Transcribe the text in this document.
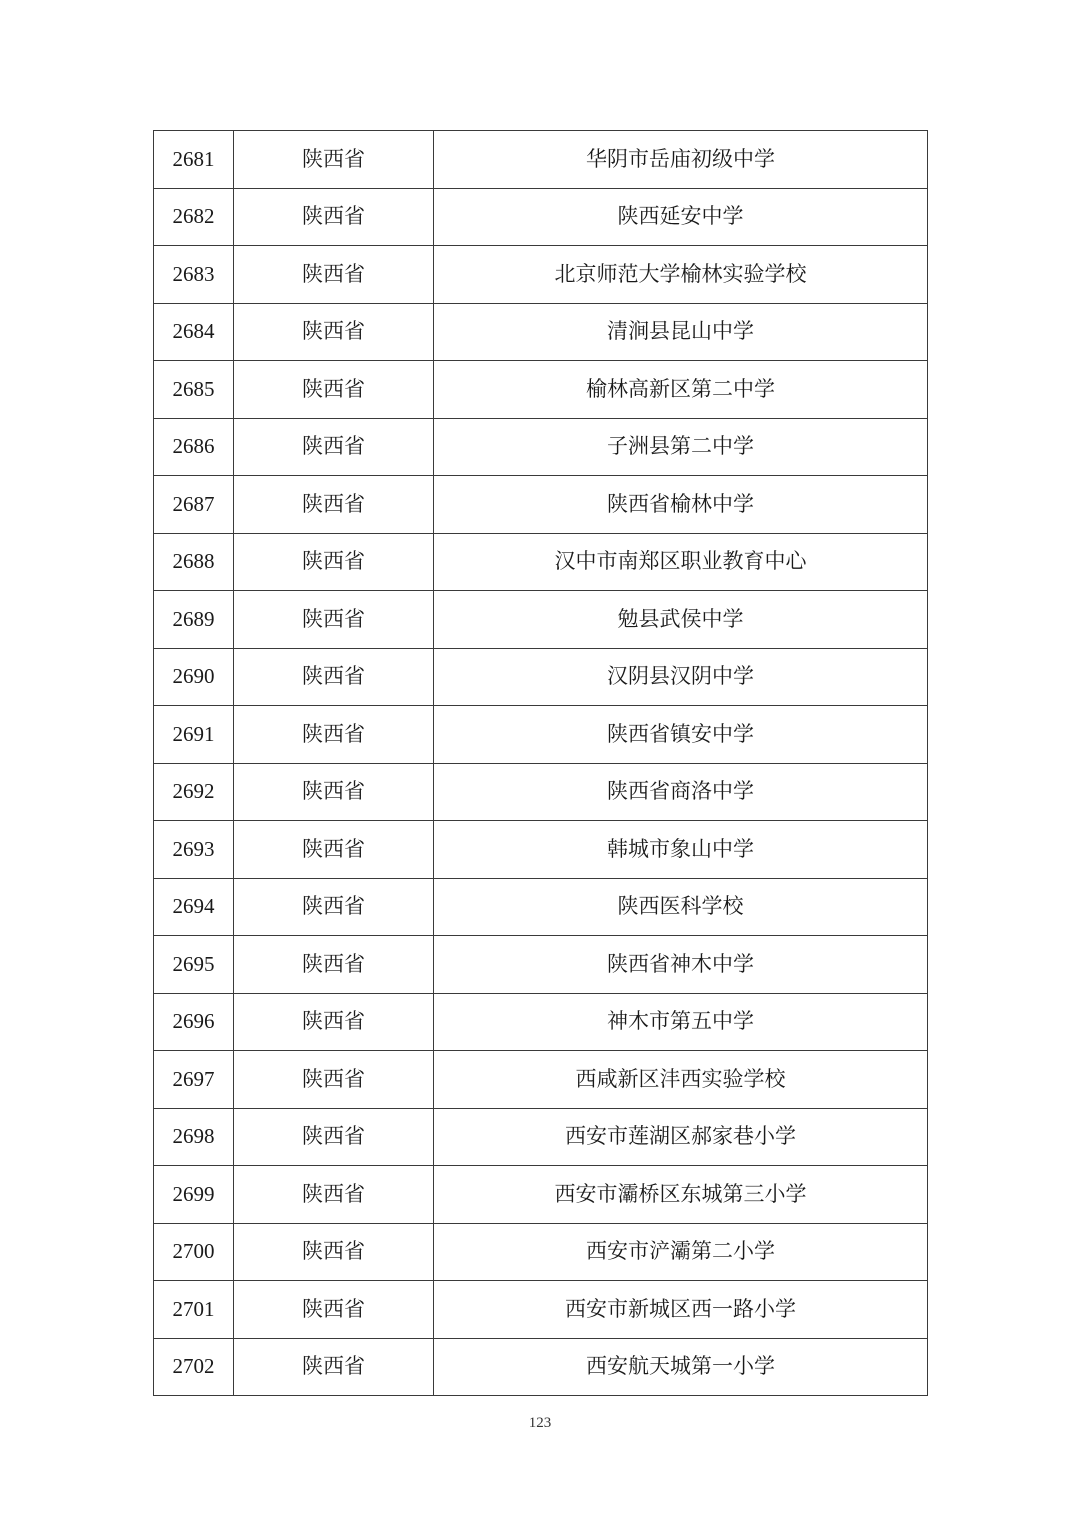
2681	陕西省	华阴市岳庙初级中学
2682	陕西省	陕西延安中学
2683	陕西省	北京师范大学榆林实验学校
2684	陕西省	清涧县昆山中学
2685	陕西省	榆林高新区第二中学
2686	陕西省	子洲县第二中学
2687	陕西省	陕西省榆林中学
2688	陕西省	汉中市南郑区职业教育中心
2689	陕西省	勉县武侯中学
2690	陕西省	汉阴县汉阴中学
2691	陕西省	陕西省镇安中学
2692	陕西省	陕西省商洛中学
2693	陕西省	韩城市象山中学
2694	陕西省	陕西医科学校
2695	陕西省	陕西省神木中学
2696	陕西省	神木市第五中学
2697	陕西省	西咸新区沣西实验学校
2698	陕西省	西安市莲湖区郝家巷小学
2699	陕西省	西安市灞桥区东城第三小学
2700	陕西省	西安市浐灞第二小学
2701	陕西省	西安市新城区西一路小学
2702	陕西省	西安航天城第一小学
123
